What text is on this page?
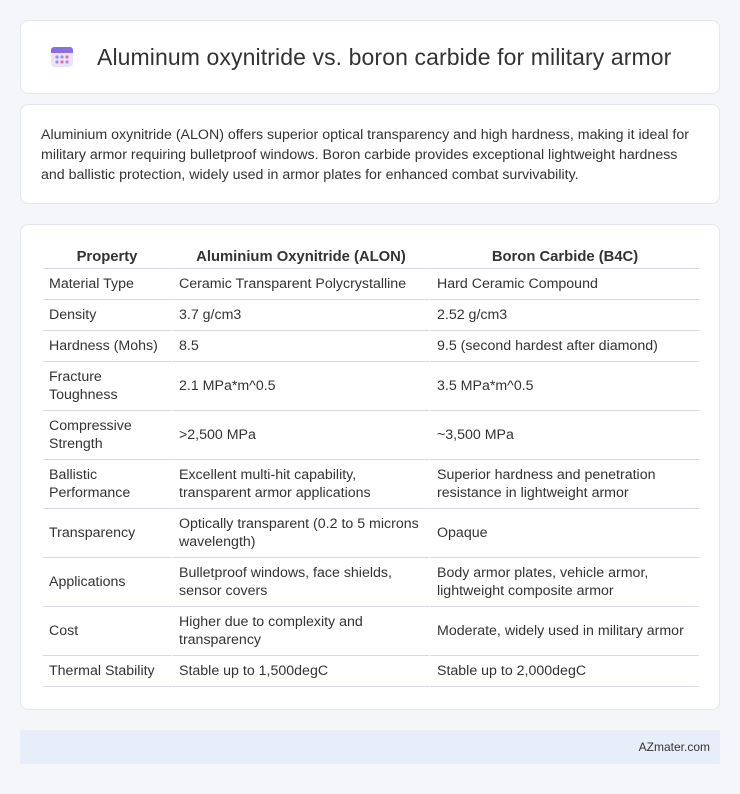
Aluminum oxynitride vs. boron carbide for military armor

Aluminium oxynitride (ALON) offers superior optical transparency and high hardness, making it ideal for military armor requiring bulletproof windows. Boron carbide provides exceptional lightweight hardness and ballistic protection, widely used in armor plates for enhanced combat survivability.

Property	Aluminium Oxynitride (ALON)	Boron Carbide (B4C)
Material Type	Ceramic Transparent Polycrystalline	Hard Ceramic Compound
Density	3.7 g/cm3	2.52 g/cm3
Hardness (Mohs)	8.5	9.5 (second hardest after diamond)
Fracture Toughness	2.1 MPa*m^0.5	3.5 MPa*m^0.5
Compressive Strength	>2,500 MPa	~3,500 MPa
Ballistic Performance	Excellent multi-hit capability, transparent armor applications	Superior hardness and penetration resistance in lightweight armor
Transparency	Optically transparent (0.2 to 5 microns wavelength)	Opaque
Applications	Bulletproof windows, face shields, sensor covers	Body armor plates, vehicle armor, lightweight composite armor
Cost	Higher due to complexity and transparency	Moderate, widely used in military armor
Thermal Stability	Stable up to 1,500degC	Stable up to 2,000degC
AZmater.com
